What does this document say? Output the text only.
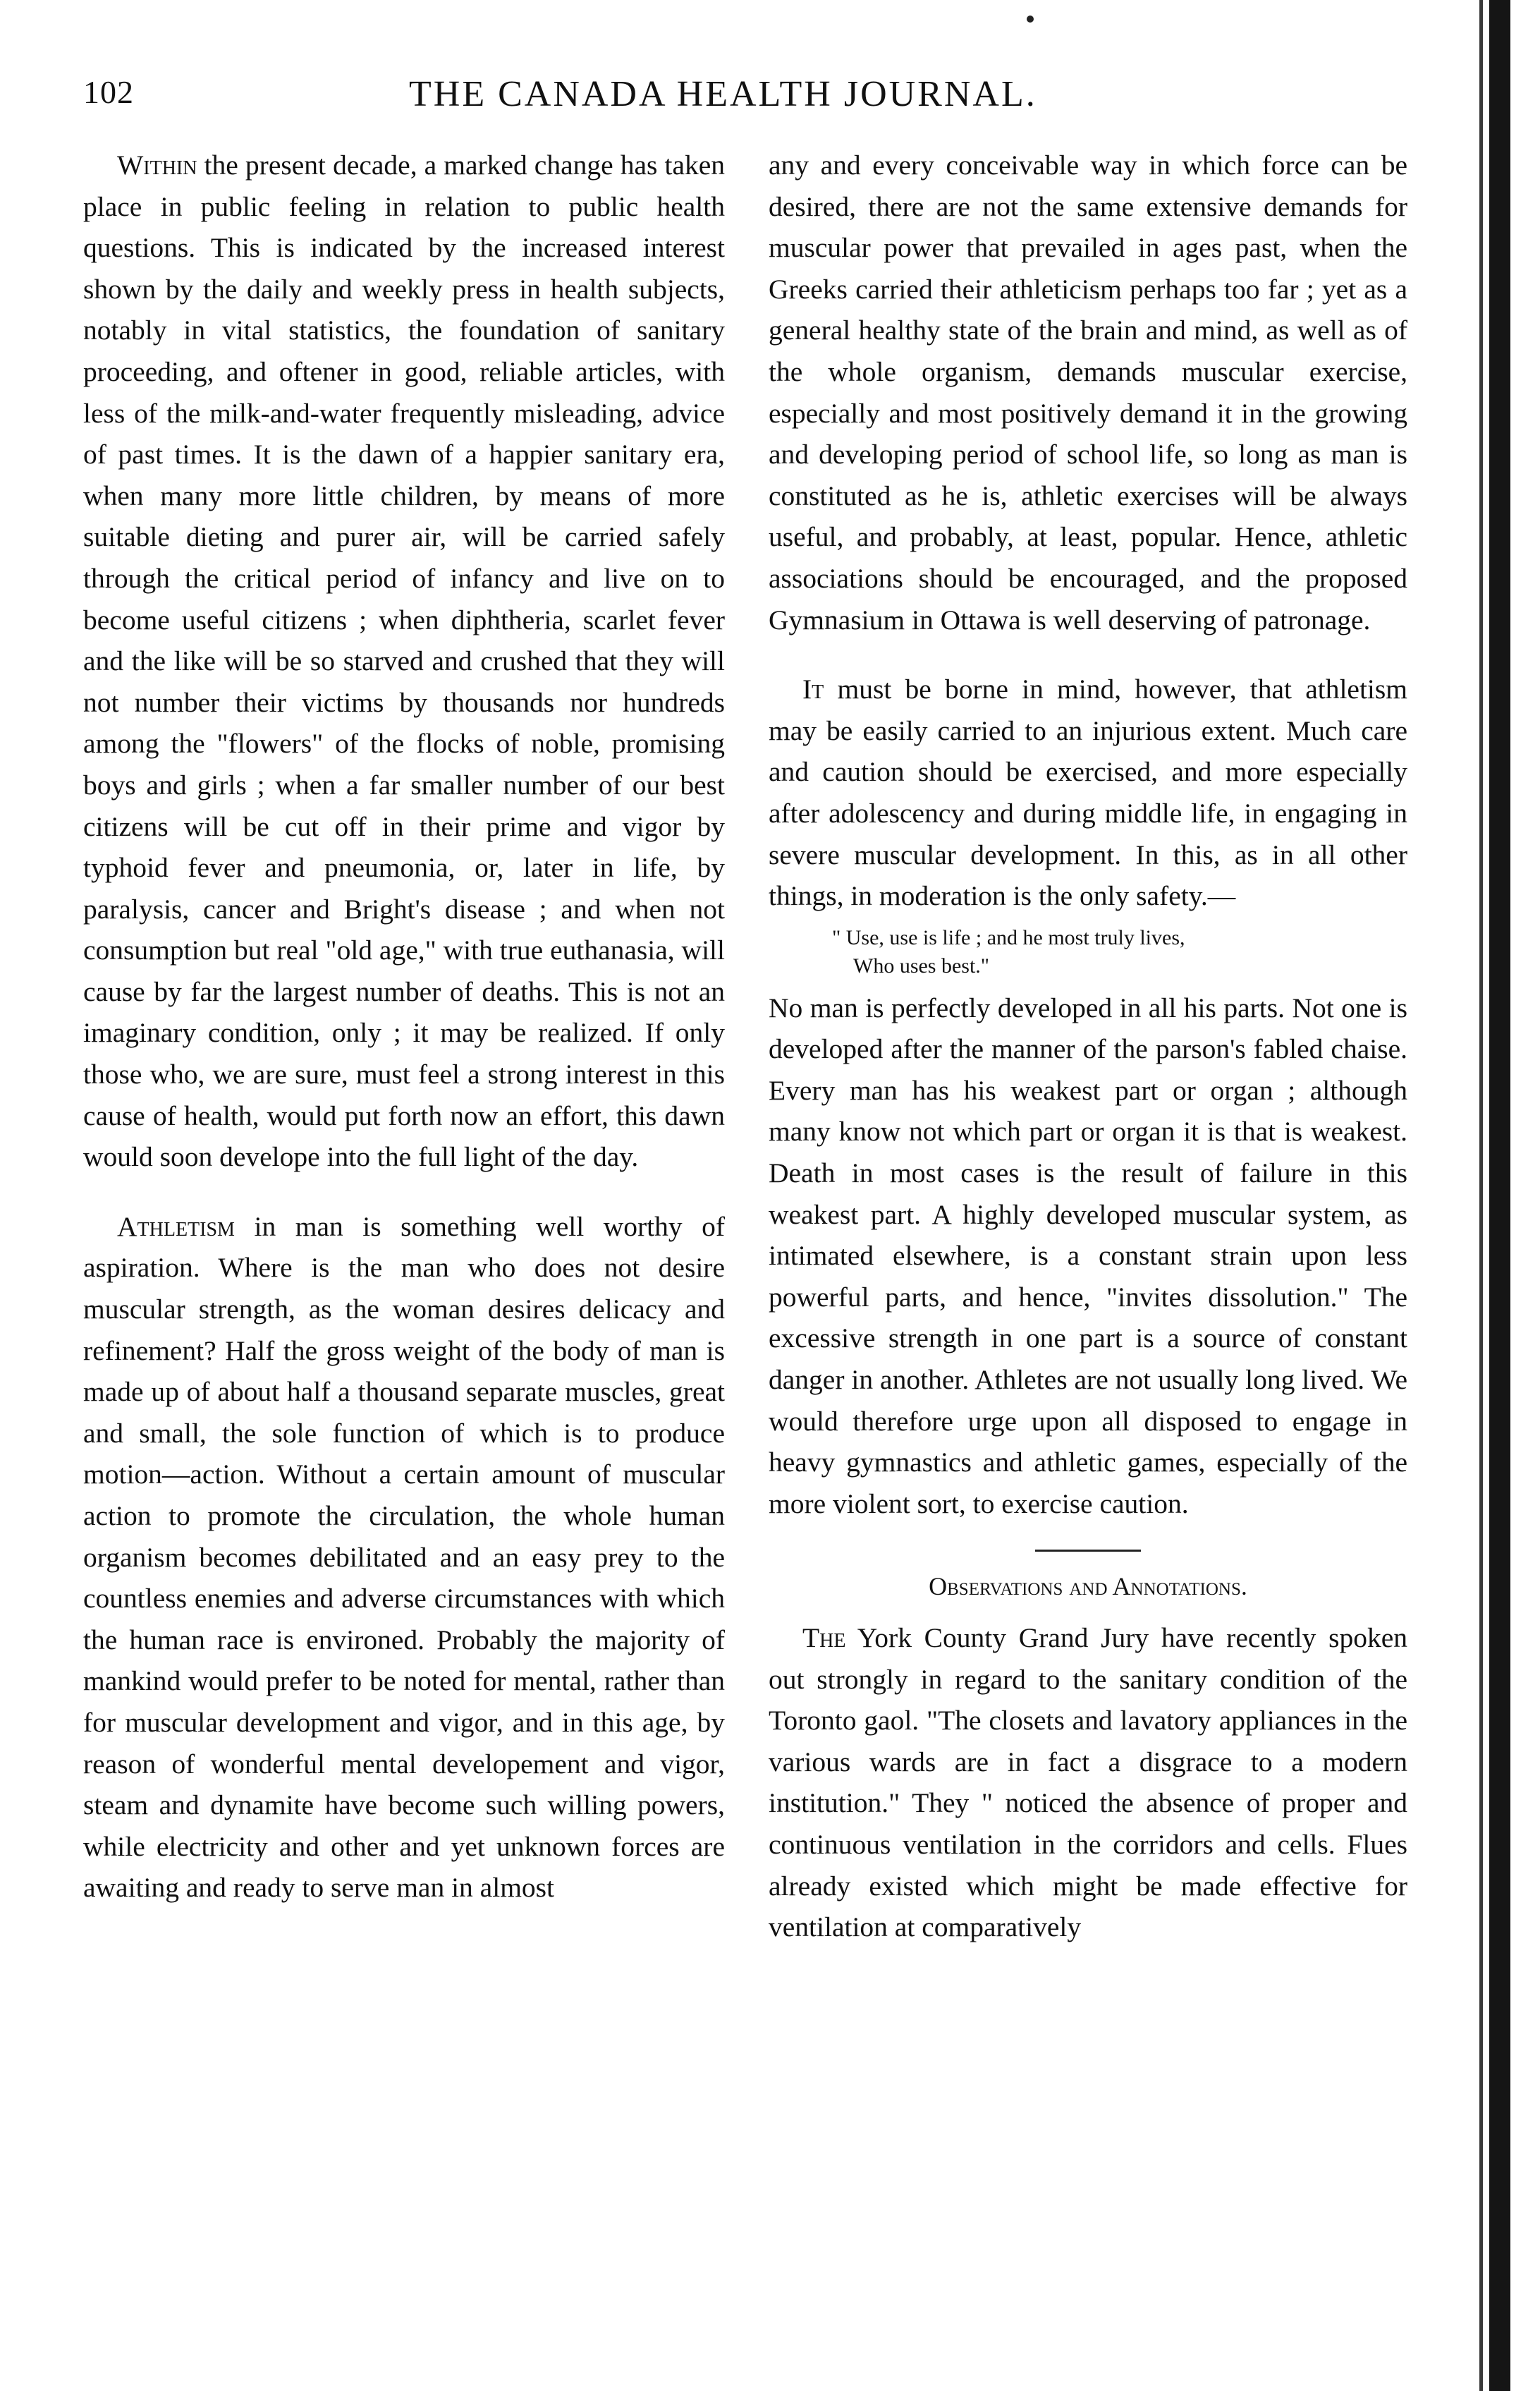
102	THE CANADA HEALTH JOURNAL.

Within the present decade, a marked change has taken place in public feeling in relation to public health questions. This is indicated by the increased interest shown by the daily and weekly press in health subjects, notably in vital statistics, the foundation of sanitary proceeding, and oftener in good, reliable articles, with less of the milk-and-water frequently misleading, advice of past times. It is the dawn of a happier sanitary era, when many more little children, by means of more suitable dieting and purer air, will be carried safely through the critical period of infancy and live on to become useful citizens ; when diphtheria, scarlet fever and the like will be so starved and crushed that they will not number their victims by thousands nor hundreds among the "flowers" of the flocks of noble, promising boys and girls ; when a far smaller number of our best citizens will be cut off in their prime and vigor by typhoid fever and pneumonia, or, later in life, by paralysis, cancer and Bright's disease ; and when not consumption but real "old age," with true euthanasia, will cause by far the largest number of deaths. This is not an imaginary condition, only ; it may be realized. If only those who, we are sure, must feel a strong interest in this cause of health, would put forth now an effort, this dawn would soon develope into the full light of the day.

Athletism in man is something well worthy of aspiration. Where is the man who does not desire muscular strength, as the woman desires delicacy and refinement? Half the gross weight of the body of man is made up of about half a thousand separate muscles, great and small, the sole function of which is to produce motion—action. Without a certain amount of muscular action to promote the circulation, the whole human organism becomes debilitated and an easy prey to the countless enemies and adverse circumstances with which the human race is environed. Probably the majority of mankind would prefer to be noted for mental, rather than for muscular development and vigor, and in this age, by reason of wonderful mental developement and vigor, steam and dynamite have become such willing powers, while electricity and other and yet unknown forces are awaiting and ready to serve man in almost

any and every conceivable way in which force can be desired, there are not the same extensive demands for muscular power that prevailed in ages past, when the Greeks carried their athleticism perhaps too far ; yet as a general healthy state of the brain and mind, as well as of the whole organism, demands muscular exercise, especially and most positively demand it in the growing and developing period of school life, so long as man is constituted as he is, athletic exercises will be always useful, and probably, at least, popular. Hence, athletic associations should be encouraged, and the proposed Gymnasium in Ottawa is well deserving of patronage.

It must be borne in mind, however, that athletism may be easily carried to an injurious extent. Much care and caution should be exercised, and more especially after adolescency and during middle life, in engaging in severe muscular development. In this, as in all other things, in moderation is the only safety.—

" Use, use is life ; and he most truly lives,
Who uses best."

No man is perfectly developed in all his parts. Not one is developed after the manner of the parson's fabled chaise. Every man has his weakest part or organ ; although many know not which part or organ it is that is weakest. Death in most cases is the result of failure in this weakest part. A highly developed muscular system, as intimated elsewhere, is a constant strain upon less powerful parts, and hence, "invites dissolution." The excessive strength in one part is a source of constant danger in another. Athletes are not usually long lived. We would therefore urge upon all disposed to engage in heavy gymnastics and athletic games, especially of the more violent sort, to exercise caution.

Observations and Annotations.

The York County Grand Jury have recently spoken out strongly in regard to the sanitary condition of the Toronto gaol. "The closets and lavatory appliances in the various wards are in fact a disgrace to a modern institution." They " noticed the absence of proper and continuous ventilation in the corridors and cells. Flues already existed which might be made effective for ventilation at comparatively
